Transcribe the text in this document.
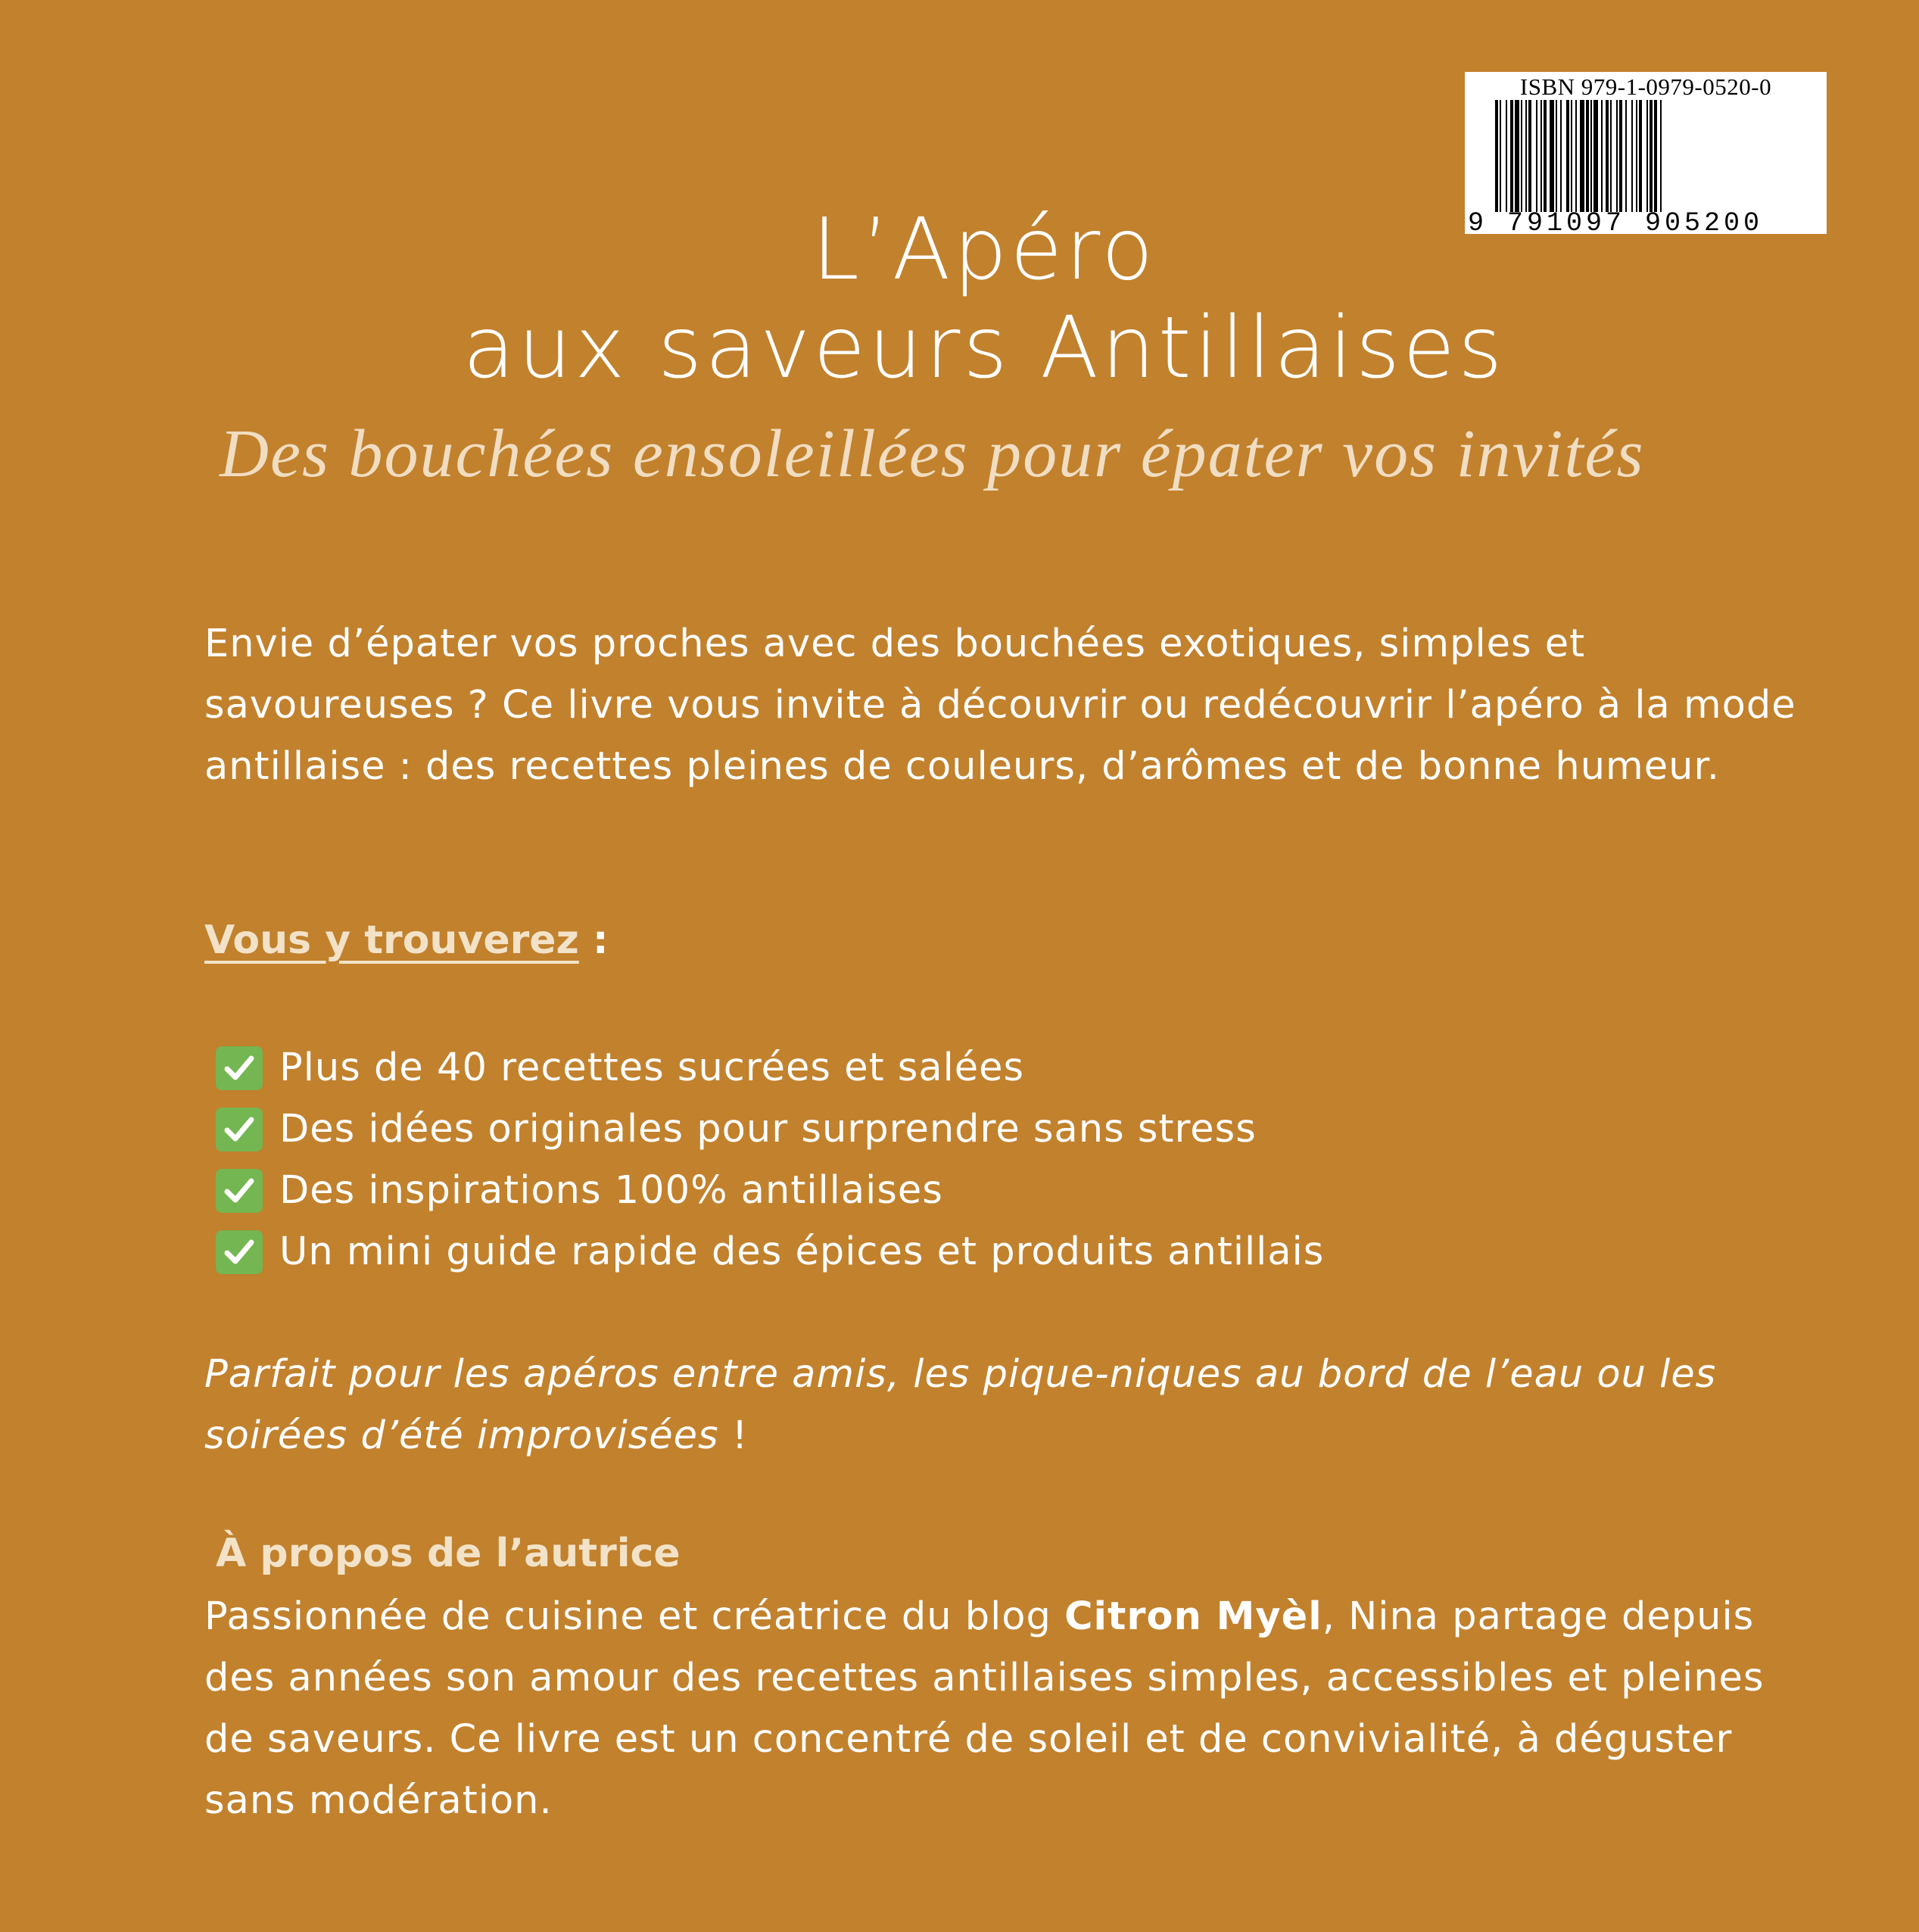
ISBN 979-1-0979-0520-0
9 791097 905200
L’Apéro
aux saveurs Antillaises
Des bouchées ensoleillées pour épater vos invités
Envie d’épater vos proches avec des bouchées exotiques, simples et savoureuses ? Ce livre vous invite à découvrir ou redécouvrir l’apéro à la mode antillaise : des recettes pleines de couleurs, d’arômes et de bonne humeur.
Vous y trouverez :
Plus de 40 recettes sucrées et salées
Des idées originales pour surprendre sans stress
Des inspirations 100% antillaises
Un mini guide rapide des épices et produits antillais
Parfait pour les apéros entre amis, les pique-niques au bord de l’eau ou les soirées d’été improvisées !
À propos de l’autrice
Passionnée de cuisine et créatrice du blog Citron Myèl, Nina partage depuis des années son amour des recettes antillaises simples, accessibles et pleines de saveurs. Ce livre est un concentré de soleil et de convivialité, à déguster sans modération.
